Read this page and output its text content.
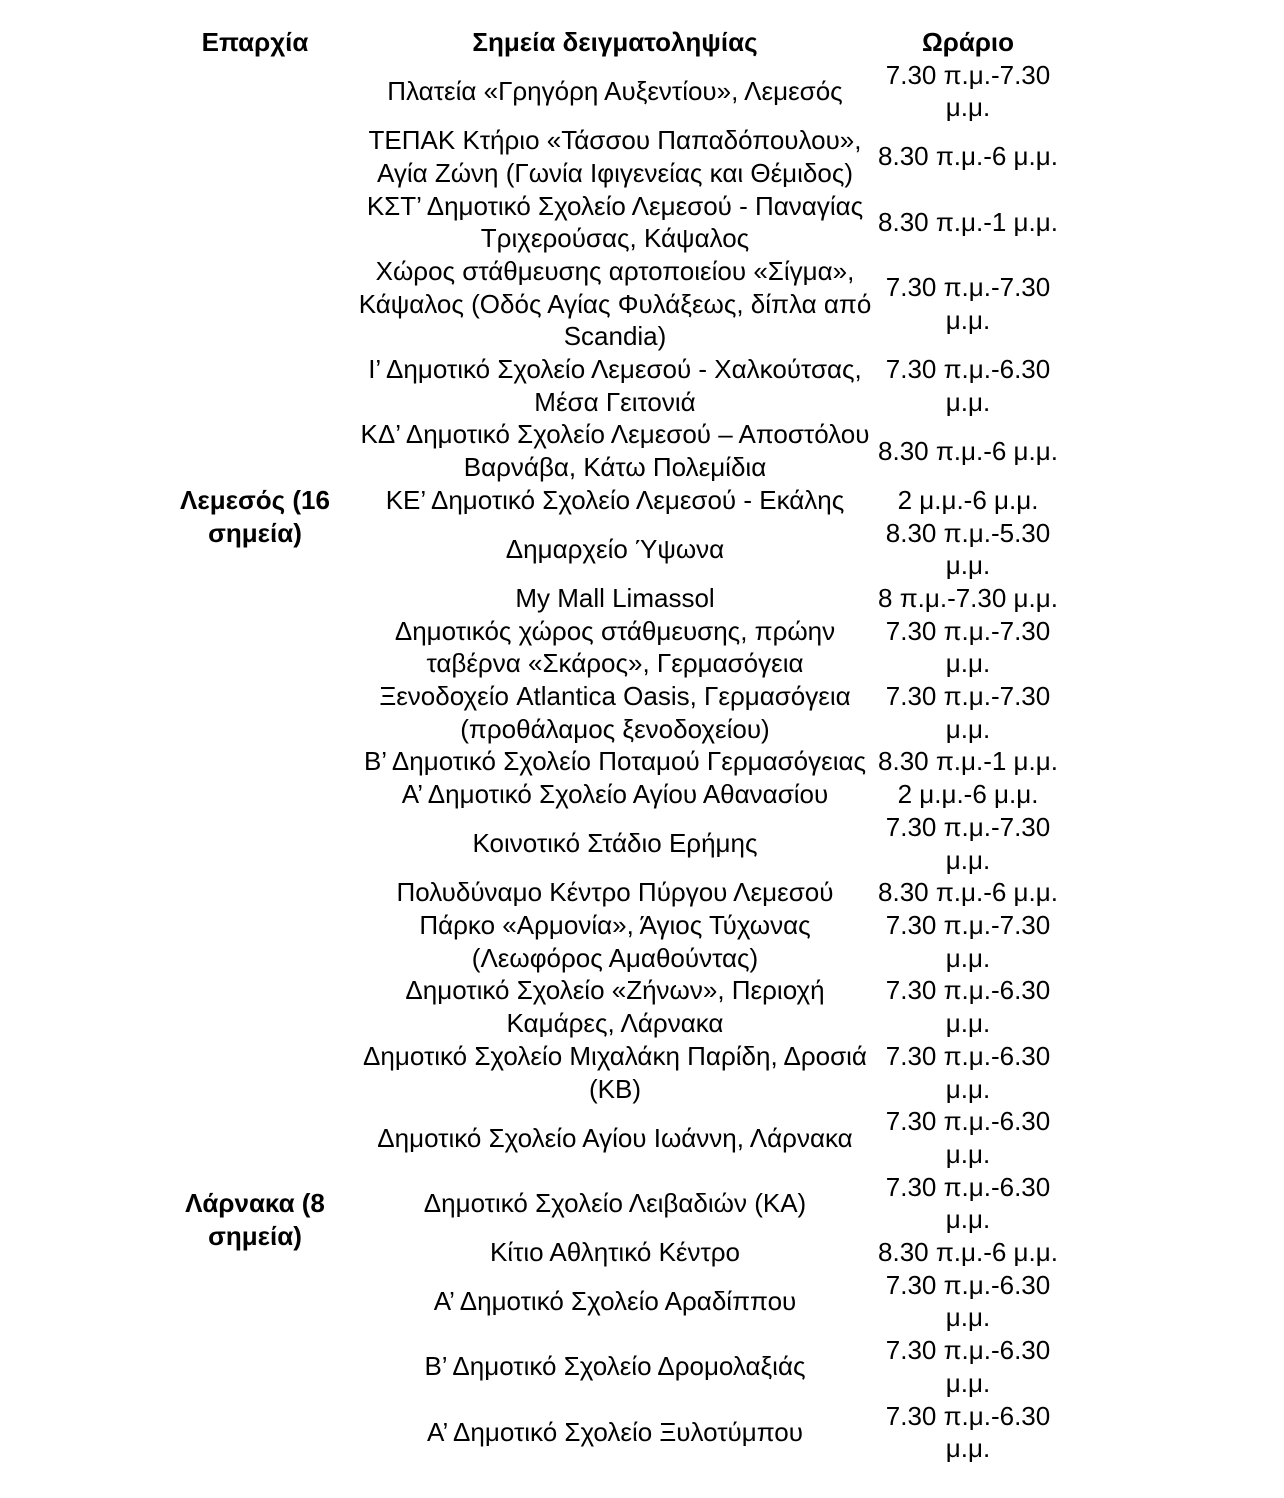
Επαρχία	Σημεία δειγματοληψίας	Ωράριο
Λεμεσός (16 σημεία)	Πλατεία «Γρηγόρη Αυξεντίου», Λεμεσός	7.30 π.μ.-7.30 μ.μ.
	ΤΕΠΑΚ Κτήριο «Τάσσου Παπαδόπουλου», Αγία Ζώνη (Γωνία Ιφιγενείας και Θέμιδος)	8.30 π.μ.-6 μ.μ.
	ΚΣΤ’ Δημοτικό Σχολείο Λεμεσού - Παναγίας Τριχερούσας, Κάψαλος	8.30 π.μ.-1 μ.μ.
	Χώρος στάθμευσης αρτοποιείου «Σίγμα», Κάψαλος (Οδός Αγίας Φυλάξεως, δίπλα από Scandia)	7.30 π.μ.-7.30 μ.μ.
	Ι’ Δημοτικό Σχολείο Λεμεσού - Χαλκούτσας, Μέσα Γειτονιά	7.30 π.μ.-6.30 μ.μ.
	ΚΔ’ Δημοτικό Σχολείο Λεμεσού – Αποστόλου Βαρνάβα, Κάτω Πολεμίδια	8.30 π.μ.-6 μ.μ.
	ΚΕ’ Δημοτικό Σχολείο Λεμεσού - Εκάλης	2 μ.μ.-6 μ.μ.
	Δημαρχείο Ύψωνα	8.30 π.μ.-5.30 μ.μ.
	My Mall Limassol	8 π.μ.-7.30 μ.μ.
	Δημοτικός χώρος στάθμευσης, πρώην ταβέρνα «Σκάρος», Γερμασόγεια	7.30 π.μ.-7.30 μ.μ.
	Ξενοδοχείο Atlantica Oasis, Γερμασόγεια (προθάλαμος ξενοδοχείου)	7.30 π.μ.-7.30 μ.μ.
	Β’ Δημοτικό Σχολείο Ποταμού Γερμασόγειας	8.30 π.μ.-1 μ.μ.
	Α’ Δημοτικό Σχολείο Αγίου Αθανασίου	2 μ.μ.-6 μ.μ.
	Κοινοτικό Στάδιο Ερήμης	7.30 π.μ.-7.30 μ.μ.
	Πολυδύναμο Κέντρο Πύργου Λεμεσού	8.30 π.μ.-6 μ.μ.
	Πάρκο «Αρμονία», Άγιος Τύχωνας (Λεωφόρος Αμαθούντας)	7.30 π.μ.-7.30 μ.μ.
Λάρνακα (8 σημεία)	Δημοτικό Σχολείο «Ζήνων», Περιοχή Καμάρες, Λάρνακα	7.30 π.μ.-6.30 μ.μ.
	Δημοτικό Σχολείο Μιχαλάκη Παρίδη, Δροσιά (ΚΒ)	7.30 π.μ.-6.30 μ.μ.
	Δημοτικό Σχολείο Αγίου Ιωάννη, Λάρνακα	7.30 π.μ.-6.30 μ.μ.
	Δημοτικό Σχολείο Λειβαδιών (ΚΑ)	7.30 π.μ.-6.30 μ.μ.
	Κίτιο Αθλητικό Κέντρο	8.30 π.μ.-6 μ.μ.
	Α’ Δημοτικό Σχολείο Αραδίππου	7.30 π.μ.-6.30 μ.μ.
	Β’ Δημοτικό Σχολείο Δρομολαξιάς	7.30 π.μ.-6.30 μ.μ.
	Α’ Δημοτικό Σχολείο Ξυλοτύμπου	7.30 π.μ.-6.30 μ.μ.
